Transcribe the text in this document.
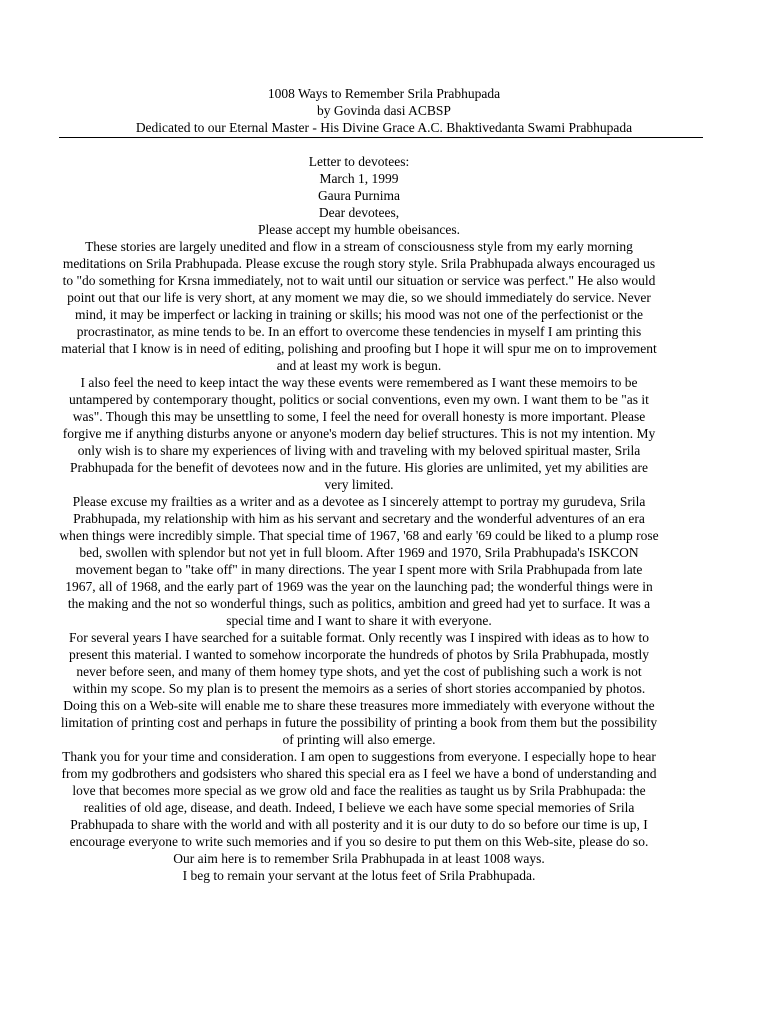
1008 Ways to Remember Srila Prabhupada
by Govinda dasi ACBSP
Dedicated to our Eternal Master - His Divine Grace A.C. Bhaktivedanta Swami Prabhupada
Letter to devotees:
March 1, 1999
Gaura Purnima
Dear devotees,
Please accept my humble obeisances.

These stories are largely unedited and flow in a stream of consciousness style from my early morning meditations on Srila Prabhupada. Please excuse the rough story style. Srila Prabhupada always encouraged us to "do something for Krsna immediately, not to wait until our situation or service was perfect." He also would point out that our life is very short, at any moment we may die, so we should immediately do service. Never mind, it may be imperfect or lacking in training or skills; his mood was not one of the perfectionist or the procrastinator, as mine tends to be. In an effort to overcome these tendencies in myself I am printing this material that I know is in need of editing, polishing and proofing but I hope it will spur me on to improvement and at least my work is begun.

I also feel the need to keep intact the way these events were remembered as I want these memoirs to be untampered by contemporary thought, politics or social conventions, even my own. I want them to be "as it was". Though this may be unsettling to some, I feel the need for overall honesty is more important. Please forgive me if anything disturbs anyone or anyone's modern day belief structures. This is not my intention. My only wish is to share my experiences of living with and traveling with my beloved spiritual master, Srila Prabhupada for the benefit of devotees now and in the future. His glories are unlimited, yet my abilities are very limited.

Please excuse my frailties as a writer and as a devotee as I sincerely attempt to portray my gurudeva, Srila Prabhupada, my relationship with him as his servant and secretary and the wonderful adventures of an era when things were incredibly simple. That special time of 1967, '68 and early '69 could be liked to a plump rose bed, swollen with splendor but not yet in full bloom. After 1969 and 1970, Srila Prabhupada's ISKCON movement began to "take off" in many directions. The year I spent more with Srila Prabhupada from late 1967, all of 1968, and the early part of 1969 was the year on the launching pad; the wonderful things were in the making and the not so wonderful things, such as politics, ambition and greed had yet to surface. It was a special time and I want to share it with everyone.

For several years I have searched for a suitable format. Only recently was I inspired with ideas as to how to present this material. I wanted to somehow incorporate the hundreds of photos by Srila Prabhupada, mostly never before seen, and many of them homey type shots, and yet the cost of publishing such a work is not within my scope. So my plan is to present the memoirs as a series of short stories accompanied by photos. Doing this on a Web-site will enable me to share these treasures more immediately with everyone without the limitation of printing cost and perhaps in future the possibility of printing a book from them but the possibility of printing will also emerge.

Thank you for your time and consideration. I am open to suggestions from everyone. I especially hope to hear from my godbrothers and godsisters who shared this special era as I feel we have a bond of understanding and love that becomes more special as we grow old and face the realities as taught us by Srila Prabhupada: the realities of old age, disease, and death. Indeed, I believe we each have some special memories of Srila Prabhupada to share with the world and with all posterity and it is our duty to do so before our time is up, I encourage everyone to write such memories and if you so desire to put them on this Web-site, please do so. Our aim here is to remember Srila Prabhupada in at least 1008 ways.

I beg to remain your servant at the lotus feet of Srila Prabhupada.
